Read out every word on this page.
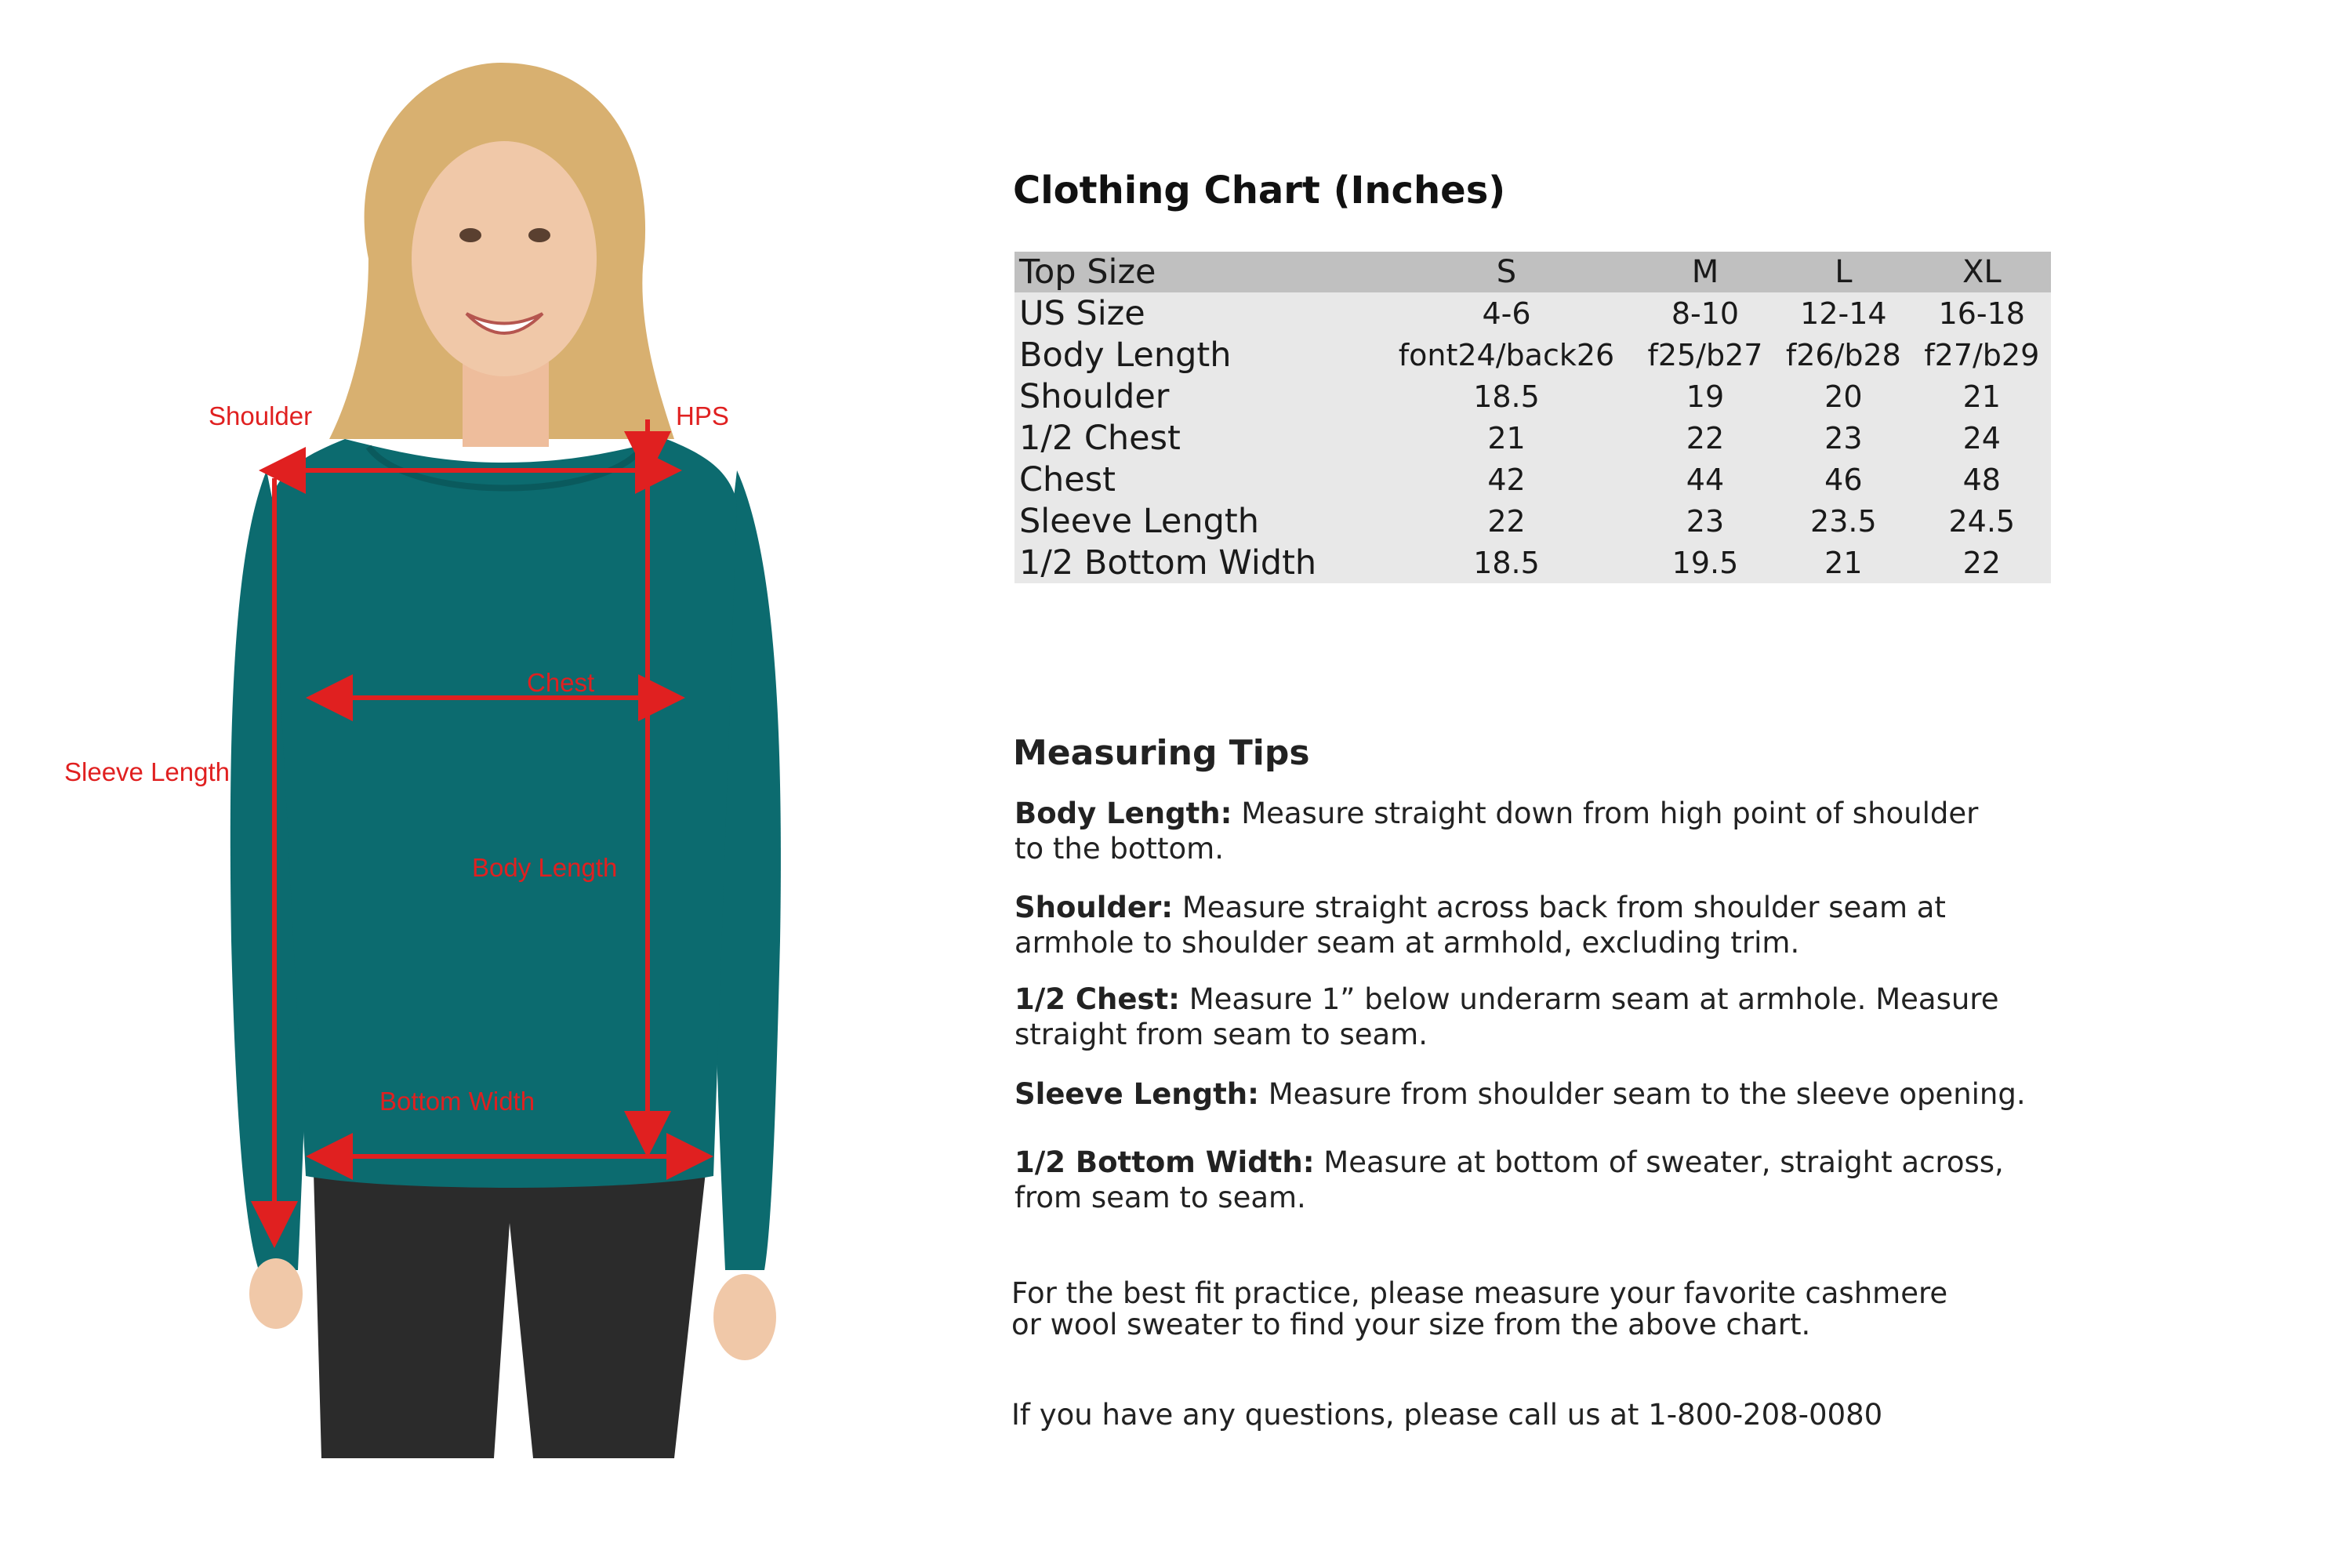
Shoulder	HPS
Chest
Sleeve Length
Body Length
Bottom Width
Clothing Chart (Inches)
Top Size	S	M	L	XL
US Size	4-6	8-10	12-14	16-18
Body Length	font24/back26	f25/b27	f26/b28	f27/b29
Shoulder	18.5	19	20	21
1/2 Chest	21	22	23	24
Chest	42	44	46	48
Sleeve Length	22	23	23.5	24.5
1/2 Bottom Width	18.5	19.5	21	22
Measuring Tips

Body Length: Measure straight down from high point of shoulder to the bottom.

Shoulder: Measure straight across back from shoulder seam at armhole to shoulder seam at armhold, excluding trim.

1/2 Chest: Measure 1” below underarm seam at armhole. Measure straight from seam to seam.

Sleeve Length: Measure from shoulder seam to the sleeve opening.

1/2 Bottom Width: Measure at bottom of sweater, straight across, from seam to seam.

For the best fit practice, please measure your favorite cashmere or wool sweater to find your size from the above chart.

If you have any questions, please call us at 1-800-208-0080
